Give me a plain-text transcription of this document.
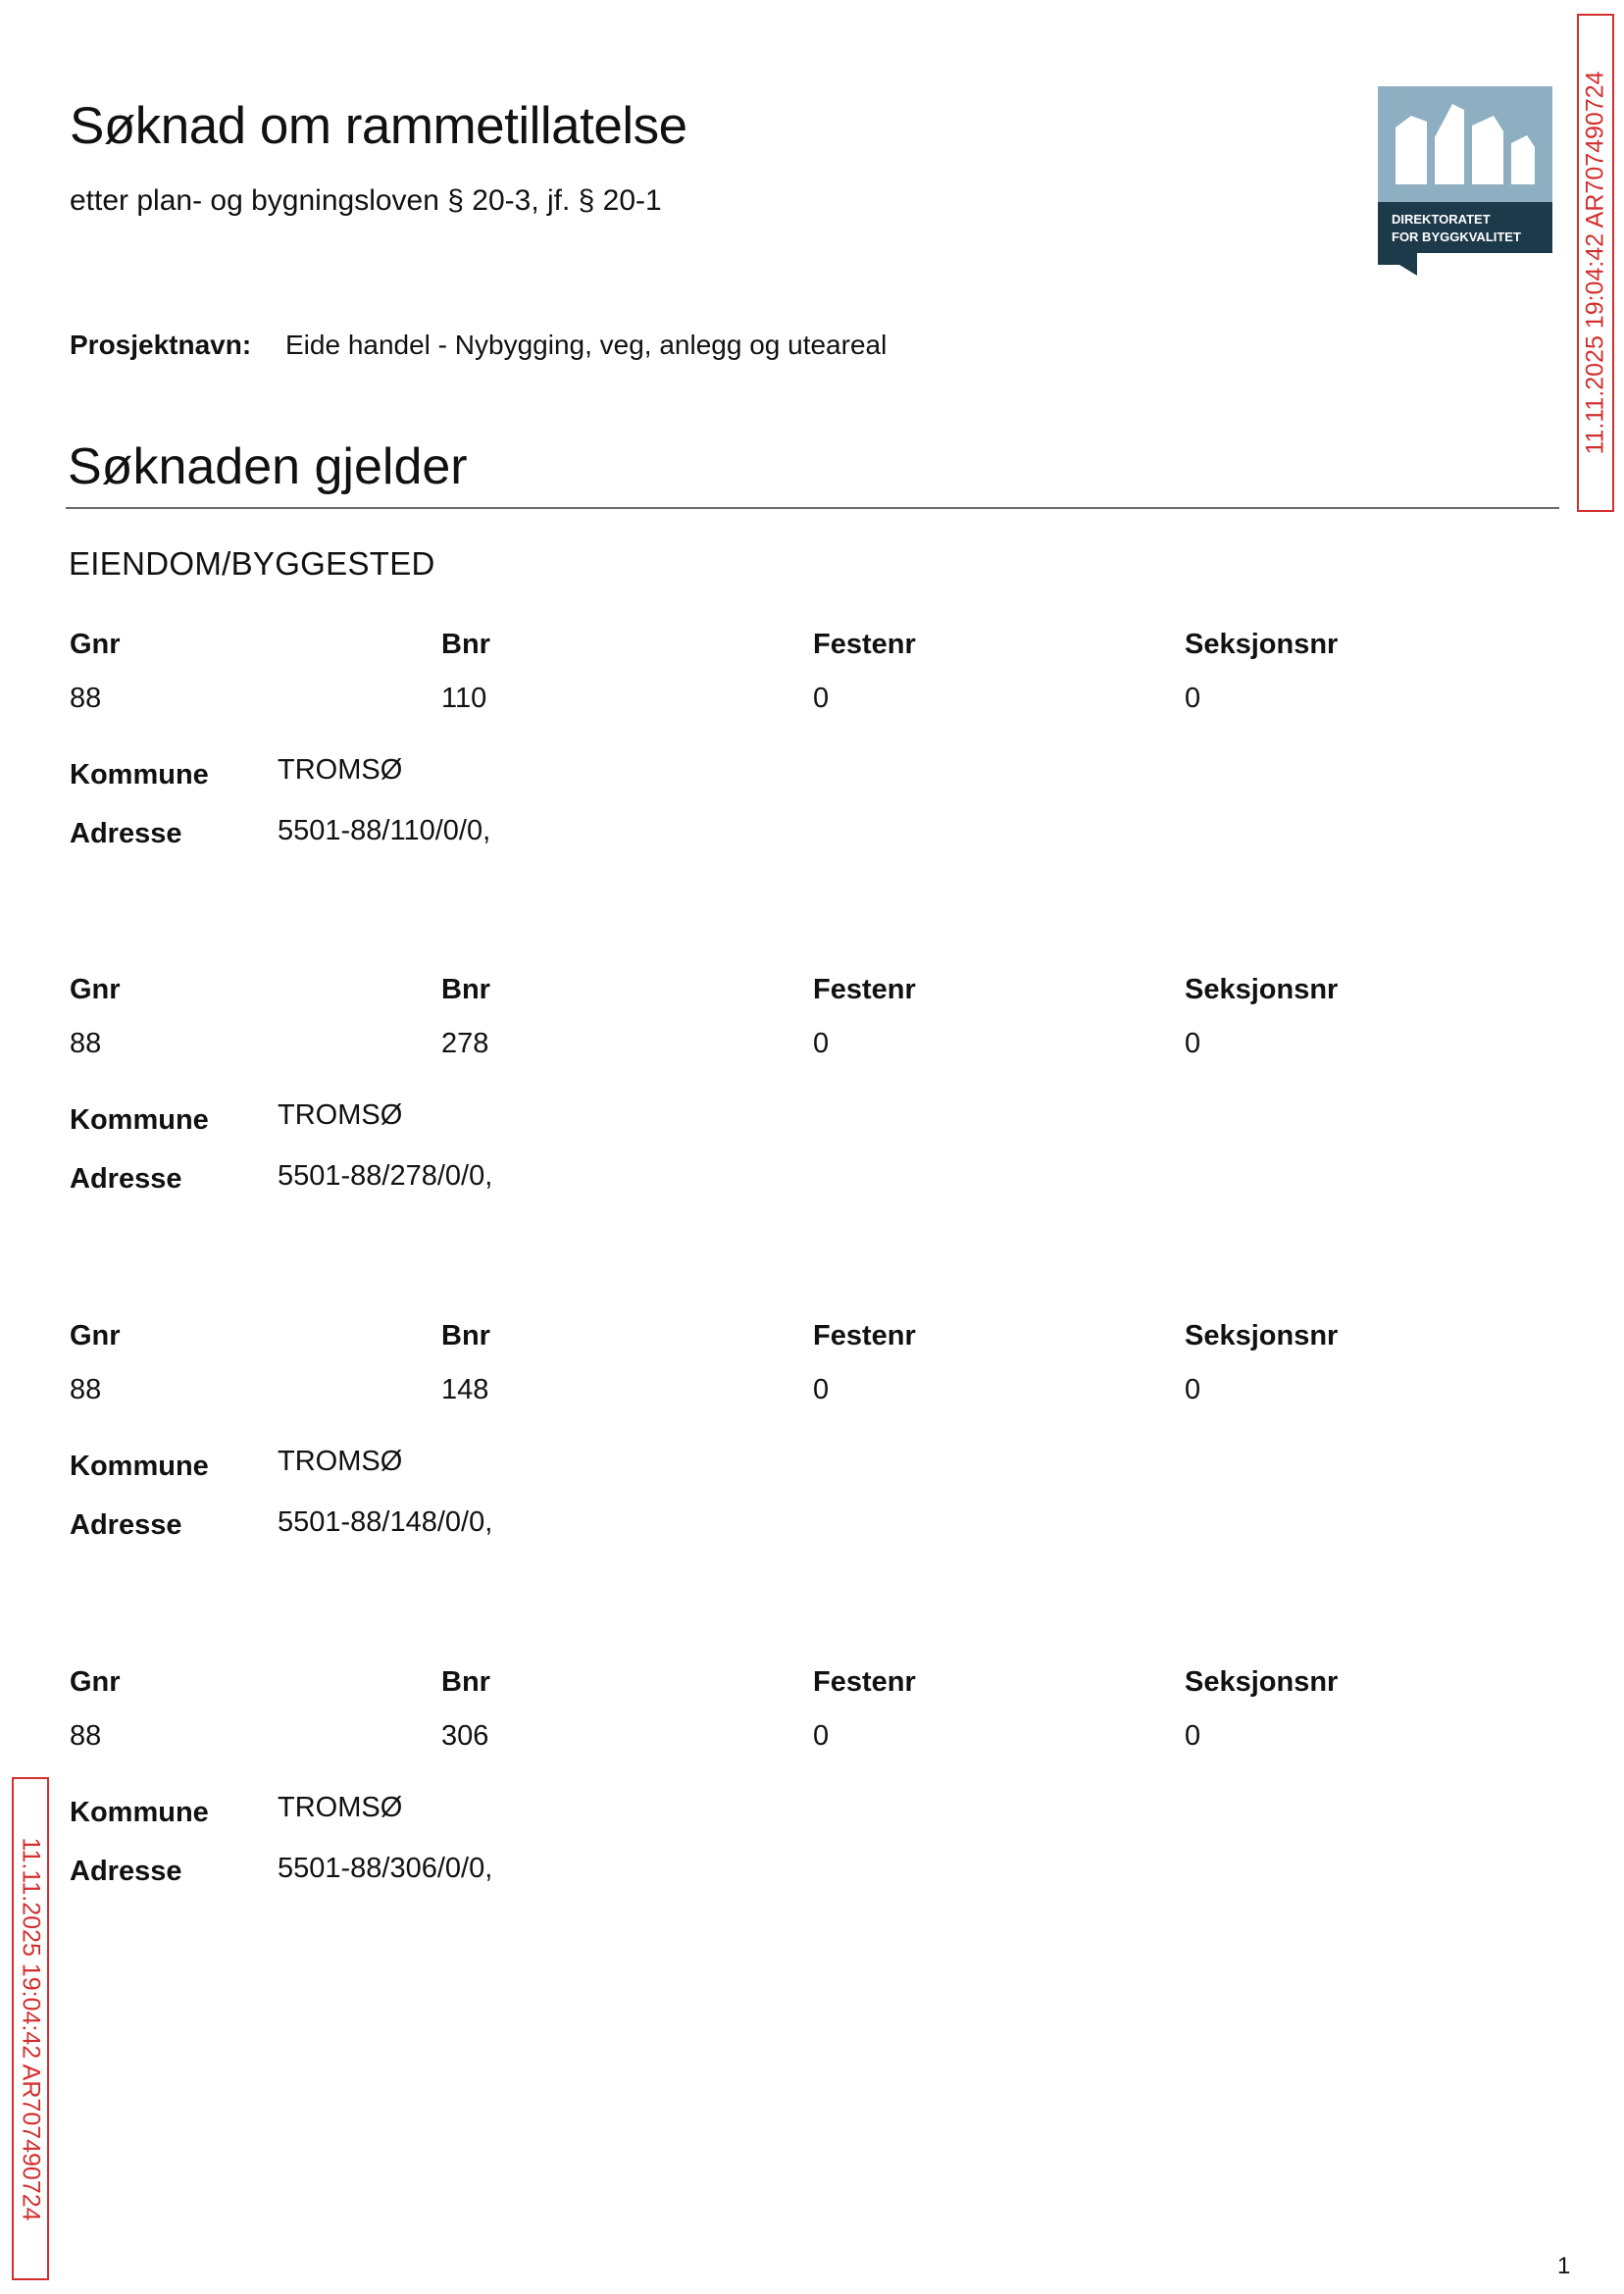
Søknad om rammetillatelse
etter plan- og bygningsloven § 20-3, jf. § 20-1
DIREKTORATET
FOR BYGGKVALITET 11.11.2025 19:04:42 AR707490724
Prosjektnavn: Eide handel - Nybygging, veg, anlegg og uteareal
Søknaden gjelder
EIENDOM/BYGGESTED
Gnr	Bnr	Festenr	Seksjonsnr
88	110	0	0
Kommune TROMSØ
Adresse	5501-88/110/0/0,
Gnr	Bnr	Festenr	Seksjonsnr
88	278	0	0
Kommune TROMSØ
Adresse	5501-88/278/0/0,
Gnr	Bnr	Festenr	Seksjonsnr
88	148	0	0
Kommune TROMSØ
Adresse	5501-88/148/0/0,
Gnr	Bnr	Festenr	Seksjonsnr
88	306	0	0
Kommune TROMSØ
Adresse	5501-88/306/0/0,
11.11.2025 19:04:42 AR707490724
1
